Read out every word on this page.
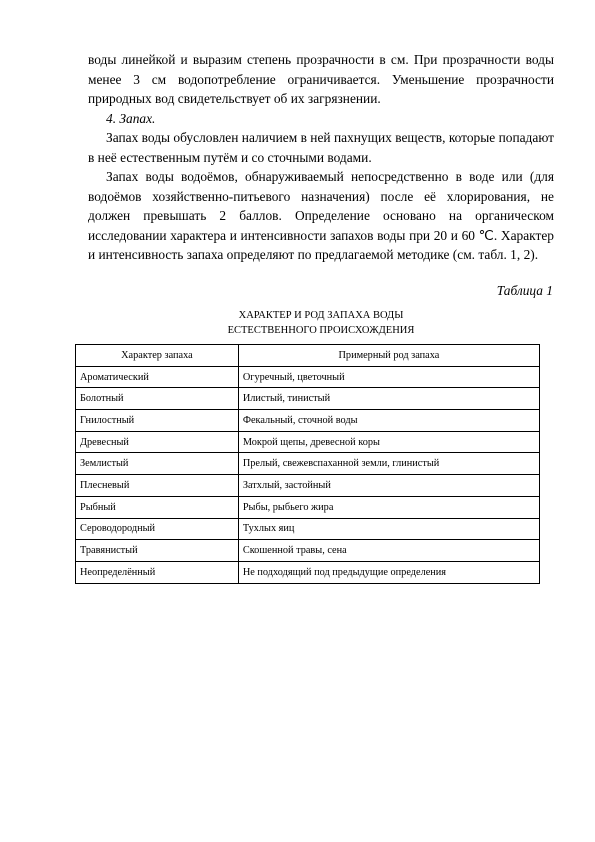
воды линейкой и выразим степень прозрачности в см. При прозрачности воды менее 3 см водопотребление ограничивается. Уменьшение прозрачности природных вод свидетельствует об их загрязнении.

4. Запах.

Запах воды обусловлен наличием в ней пахнущих веществ, которые попадают в неё естественным путём и со сточными водами.

Запах воды водоёмов, обнаруживаемый непосредственно в воде или (для водоёмов хозяйственно-питьевого назначения) после её хлорирования, не должен превышать 2 баллов. Определение основано на органическом исследовании характера и интенсивности запахов воды при 20 и 60 ℃. Характер и интенсивность запаха определяют по предлагаемой методике (см. табл. 1, 2).

Таблица 1
ХАРАКТЕР И РОД ЗАПАХА ВОДЫ
ЕСТЕСТВЕННОГО ПРОИСХОЖДЕНИЯ
Характер запаха	Примерный род запаха
Ароматический	Огуречный, цветочный
Болотный	Илистый, тинистый
Гнилостный	Фекальный, сточной воды
Древесный	Мокрой щепы, древесной коры
Землистый	Прелый, свежевспаханной земли, глинистый
Плесневый	Затхлый, застойный
Рыбный	Рыбы, рыбьего жира
Сероводородный	Тухлых яиц
Травянистый	Скошенной травы, сена
Неопределённый	Не подходящий под предыдущие определения
